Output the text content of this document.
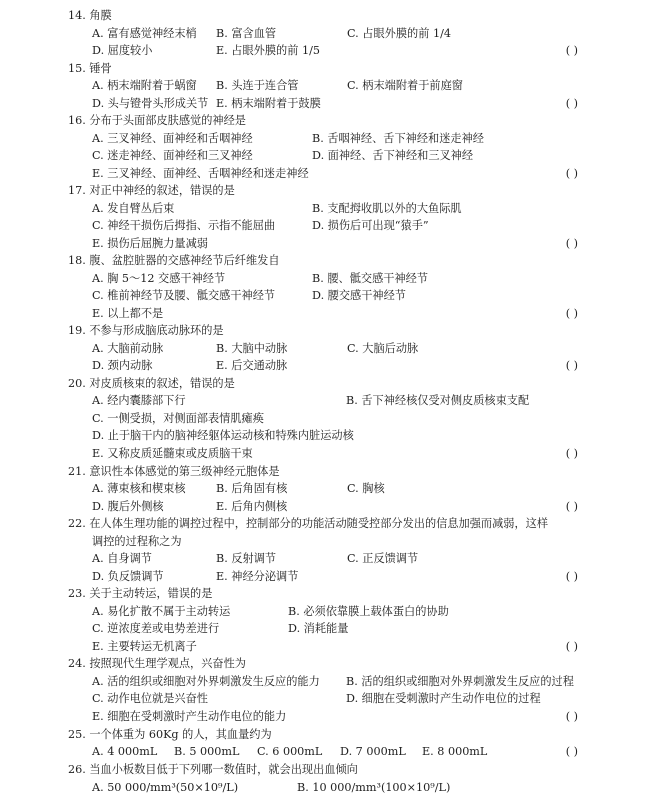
14. 角膜
A. 富有感觉神经末梢 B. 富含血管	C. 占眼外膜的前 1/4
D. 屈度较小	E. 占眼外膜的前 1/5	( )
15. 锤骨
A. 柄末端附着于蜗窗 B. 头连于连合管	C. 柄末端附着于前庭窗
D. 头与镫骨头形成关节 E. 柄末端附着于鼓膜	( )
16. 分布于头面部皮肤感觉的神经是
A. 三叉神经、面神经和舌咽神经	B. 舌咽神经、舌下神经和迷走神经
C. 迷走神经、面神经和三叉神经	D. 面神经、舌下神经和三叉神经
E. 三叉神经、面神经、舌咽神经和迷走神经	( )
17. 对正中神经的叙述，错误的是
A. 发自臂丛后束	B. 支配拇收肌以外的大鱼际肌
C. 神经干损伤后拇指、示指不能屈曲	D. 损伤后可出现“猿手”
E. 损伤后屈腕力量减弱	( )
18. 腹、盆腔脏器的交感神经节后纤维发自
A. 胸 5～12 交感干神经节	B. 腰、骶交感干神经节
C. 椎前神经节及腰、骶交感干神经节	D. 腰交感干神经节
E. 以上都不是	( )
19. 不参与形成脑底动脉环的是
A. 大脑前动脉	B. 大脑中动脉	C. 大脑后动脉
D. 颈内动脉	E. 后交通动脉	( )
20. 对皮质核束的叙述，错误的是
A. 经内囊膝部下行	B. 舌下神经核仅受对侧皮质核束支配
C. 一侧受损，对侧面部表情肌瘫痪
D. 止于脑干内的脑神经躯体运动核和特殊内脏运动核
E. 又称皮质延髓束或皮质脑干束	( )
21. 意识性本体感觉的第三级神经元胞体是
A. 薄束核和楔束核	B. 后角固有核	C. 胸核
D. 腹后外侧核	E. 后角内侧核	( )
22. 在人体生理功能的调控过程中，控制部分的功能活动随受控部分发出的信息加强而减弱，这样
调控的过程称之为
A. 自身调节	B. 反射调节	C. 正反馈调节
D. 负反馈调节	E. 神经分泌调节	( )
23. 关于主动转运，错误的是
A. 易化扩散不属于主动转运	B. 必须依靠膜上载体蛋白的协助
C. 逆浓度差或电势差进行	D. 消耗能量
E. 主要转运无机离子	( )
24. 按照现代生理学观点，兴奋性为
A. 活的组织或细胞对外界刺激发生反应的能力 B. 活的组织或细胞对外界刺激发生反应的过程
C. 动作电位就是兴奋性	D. 细胞在受刺激时产生动作电位的过程
E. 细胞在受刺激时产生动作电位的能力	( )
25. 一个体重为 60Kg 的人，其血量约为
A. 4 000mL B. 5 000mL C. 6 000mL D. 7 000mL E. 8 000mL	( )
26. 当血小板数目低于下列哪一数值时，就会出现出血倾向
A. 50 000/mm³(50×10⁹/L)	B. 10 000/mm³(100×10⁹/L)
